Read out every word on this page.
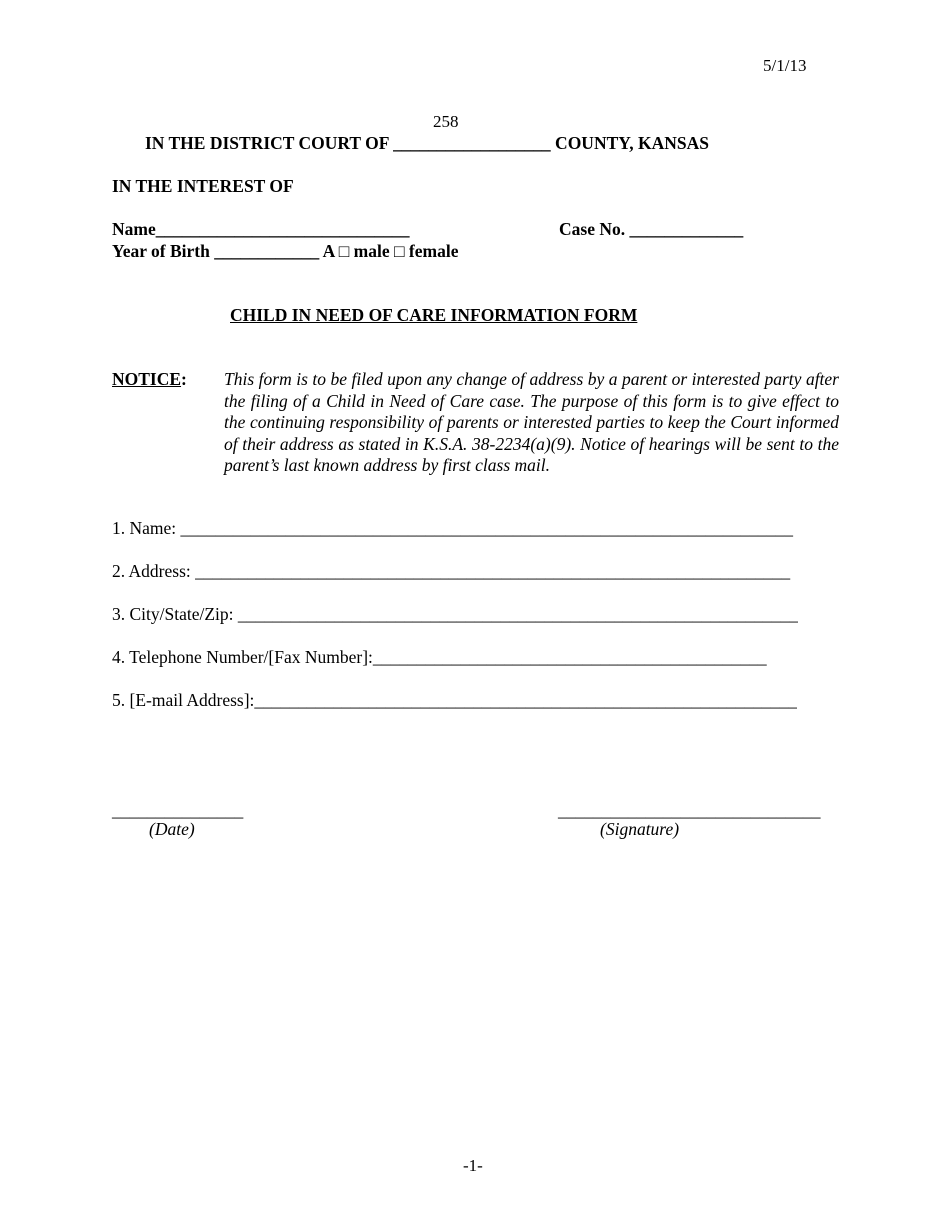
5/1/13
258
IN THE DISTRICT COURT OF __________________ COUNTY, KANSAS
IN THE INTEREST OF
Name_____________________________	Case No. _____________
Year of Birth ____________ A □ male □ female
CHILD IN NEED OF CARE INFORMATION FORM
NOTICE: This form is to be filed upon any change of address by a parent or interested party after the filing of a Child in Need of Care case. The purpose of this form is to give effect to the continuing responsibility of parents or interested parties to keep the Court informed of their address as stated in K.S.A. 38-2234(a)(9). Notice of hearings will be sent to the parent’s last known address by first class mail.
1. Name: ______________________________________________________________________
2. Address: ____________________________________________________________________
3. City/State/Zip: ________________________________________________________________
4. Telephone Number/[Fax Number]:_____________________________________________
5. [E-mail Address]:______________________________________________________________
_______________	______________________________
(Date)	(Signature)
-1-
